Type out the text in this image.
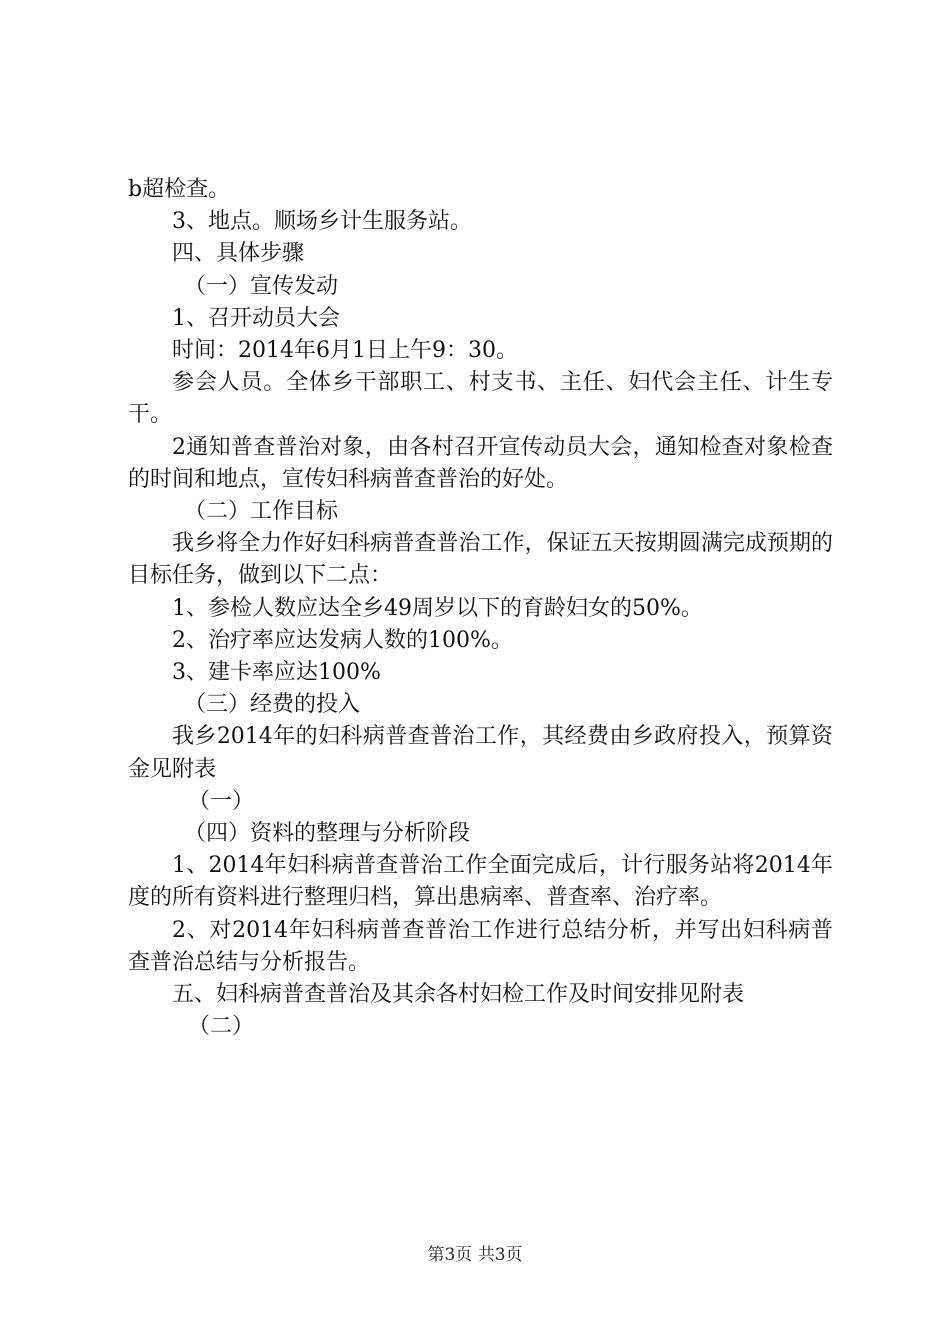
b超检查。

3、地点。顺场乡计生服务站。

四、具体步骤

（一）宣传发动

1、召开动员大会

时间：2014年6月1日上午9：30。

参会人员。全体乡干部职工、村支书、主任、妇代会主任、计生专干。

2通知普查普治对象，由各村召开宣传动员大会，通知检查对象检查的时间和地点，宣传妇科病普查普治的好处。

（二）工作目标

我乡将全力作好妇科病普查普治工作，保证五天按期圆满完成预期的目标任务，做到以下二点：

1、参检人数应达全乡49周岁以下的育龄妇女的50%。

2、治疗率应达发病人数的100%。

3、建卡率应达100%

（三）经费的投入

我乡2014年的妇科病普查普治工作，其经费由乡政府投入，预算资金见附表

（一）

（四）资料的整理与分析阶段

1、2014年妇科病普查普治工作全面完成后，计行服务站将2014年度的所有资料进行整理归档，算出患病率、普查率、治疗率。

2、对2014年妇科病普查普治工作进行总结分析，并写出妇科病普查普治总结与分析报告。

五、妇科病普查普治及其余各村妇检工作及时间安排见附表

（二）

第3页 共3页
